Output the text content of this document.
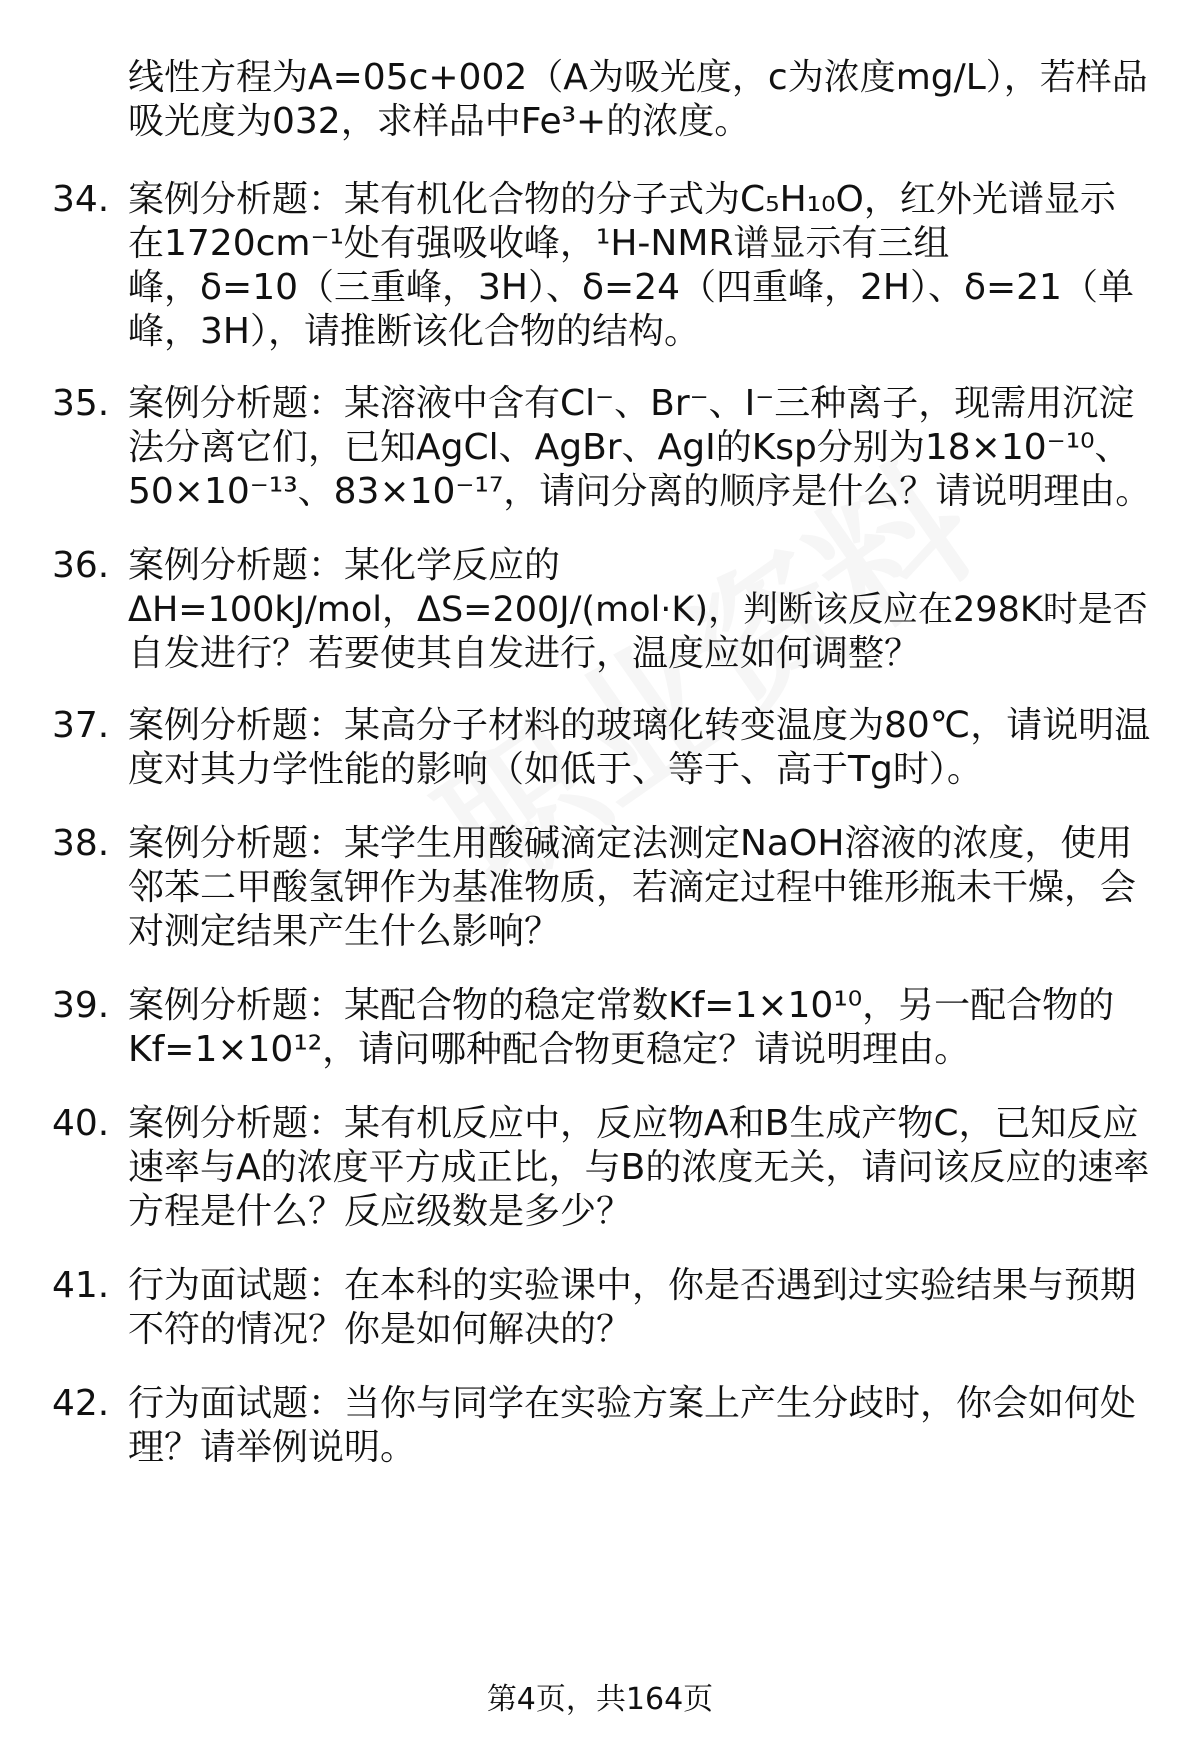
线性方程为A=05c+002（A为吸光度，c为浓度mg/L），若样品
吸光度为032，求样品中Fe³+的浓度。
34. 案例分析题：某有机化合物的分子式为C₅H₁₀O，红外光谱显示
在1720cm⁻¹处有强吸收峰，¹H-NMR谱显示有三组
峰，δ=10（三重峰，3H）、δ=24（四重峰，2H）、δ=21（单
峰，3H），请推断该化合物的结构。
35. 案例分析题：某溶液中含有Cl⁻、Br⁻、I⁻三种离子，现需用沉淀
法分离它们，已知AgCl、AgBr、AgI的Ksp分别为18×10⁻¹⁰、
50×10⁻¹³、83×10⁻¹⁷，请问分离的顺序是什么？请说明理由。
36. 案例分析题：某化学反应的
ΔH=100kJ/mol，ΔS=200J/(mol·K)，判断该反应在298K时是否
自发进行？若要使其自发进行，温度应如何调整？
37. 案例分析题：某高分子材料的玻璃化转变温度为80℃，请说明温
度对其力学性能的影响（如低于、等于、高于Tg时）。
38. 案例分析题：某学生用酸碱滴定法测定NaOH溶液的浓度，使用
邻苯二甲酸氢钾作为基准物质，若滴定过程中锥形瓶未干燥，会
对测定结果产生什么影响？
39. 案例分析题：某配合物的稳定常数Kf=1×10¹⁰，另一配合物的
Kf=1×10¹²，请问哪种配合物更稳定？请说明理由。
40. 案例分析题：某有机反应中，反应物A和B生成产物C，已知反应
速率与A的浓度平方成正比，与B的浓度无关，请问该反应的速率
方程是什么？反应级数是多少？
41. 行为面试题：在本科的实验课中，你是否遇到过实验结果与预期
不符的情况？你是如何解决的？
42. 行为面试题：当你与同学在实验方案上产生分歧时，你会如何处
理？请举例说明。
第4页，共164页
